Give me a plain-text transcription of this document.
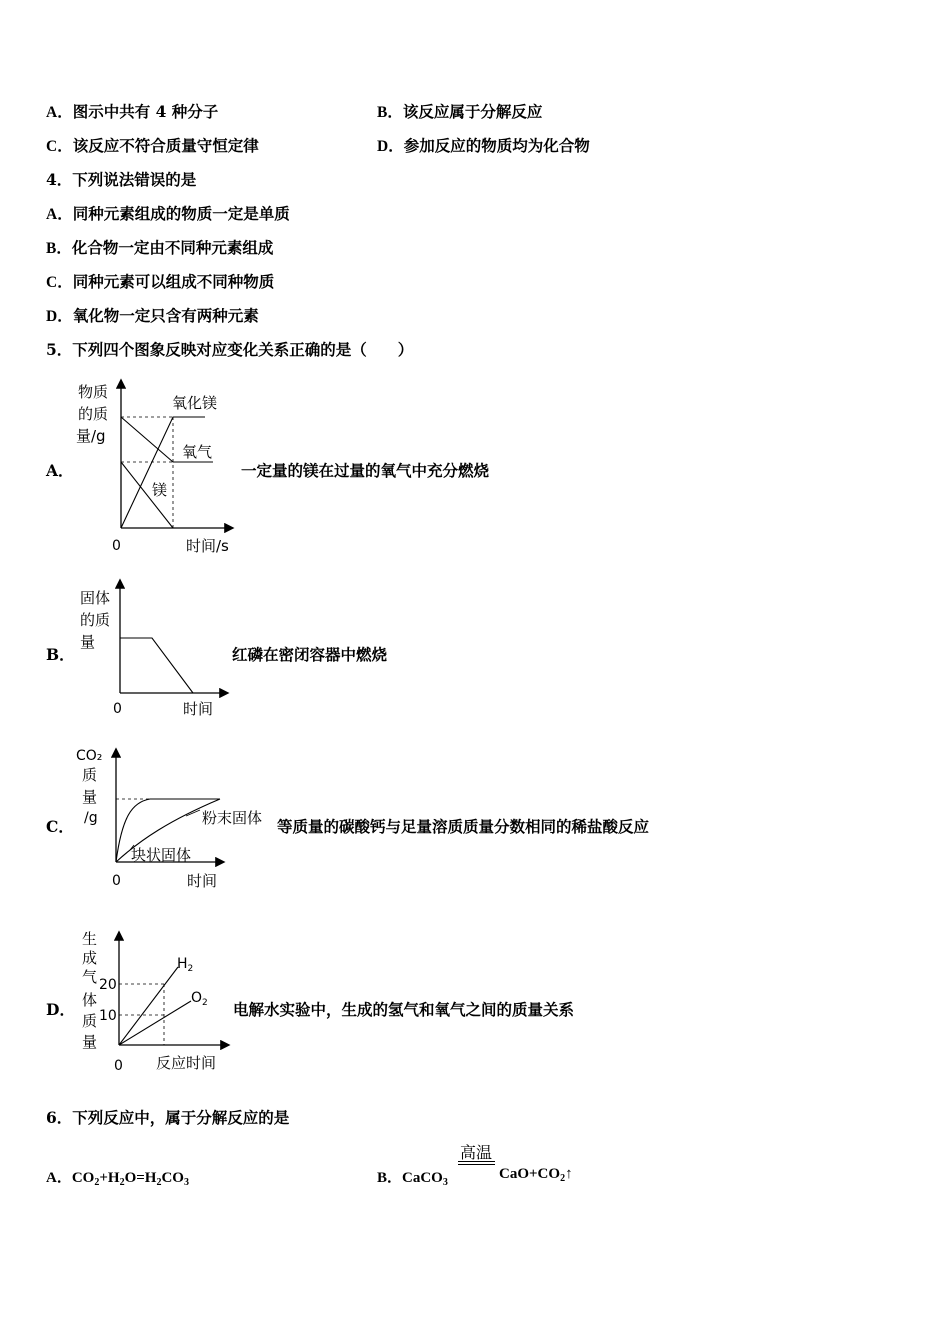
A．图示中共有 4 种分子	B．该反应属于分解反应
C．该反应不符合质量守恒定律	D．参加反应的物质均为化合物
4．下列说法错误的是
A．同种元素组成的物质一定是单质
B．化合物一定由不同种元素组成
C．同种元素可以组成不同种物质
D．氧化物一定只含有两种元素
5．下列四个图象反映对应变化关系正确的是（　　）
A．
物质
的质
量/g
氧化镁
氧气
镁
0	时间/s
一定量的镁在过量的氧气中充分燃烧
B．
固体
的质
量
0	时间
红磷在密闭容器中燃烧
C．
CO₂
质
量
/g	粉末固体
块状固体
0	时间
等质量的碳酸钙与足量溶质质量分数相同的稀盐酸反应
D．
生
成
气
体
质
量
20
10
$H_2$
$O_2$
0 反应时间
电解水实验中，生成的氢气和氧气之间的质量关系
6．下列反应中，属于分解反应的是
A．$CO_2+H_2O=H_2CO_3$	B．CaCO$_3$
高温
$CaO+CO_2↑$
